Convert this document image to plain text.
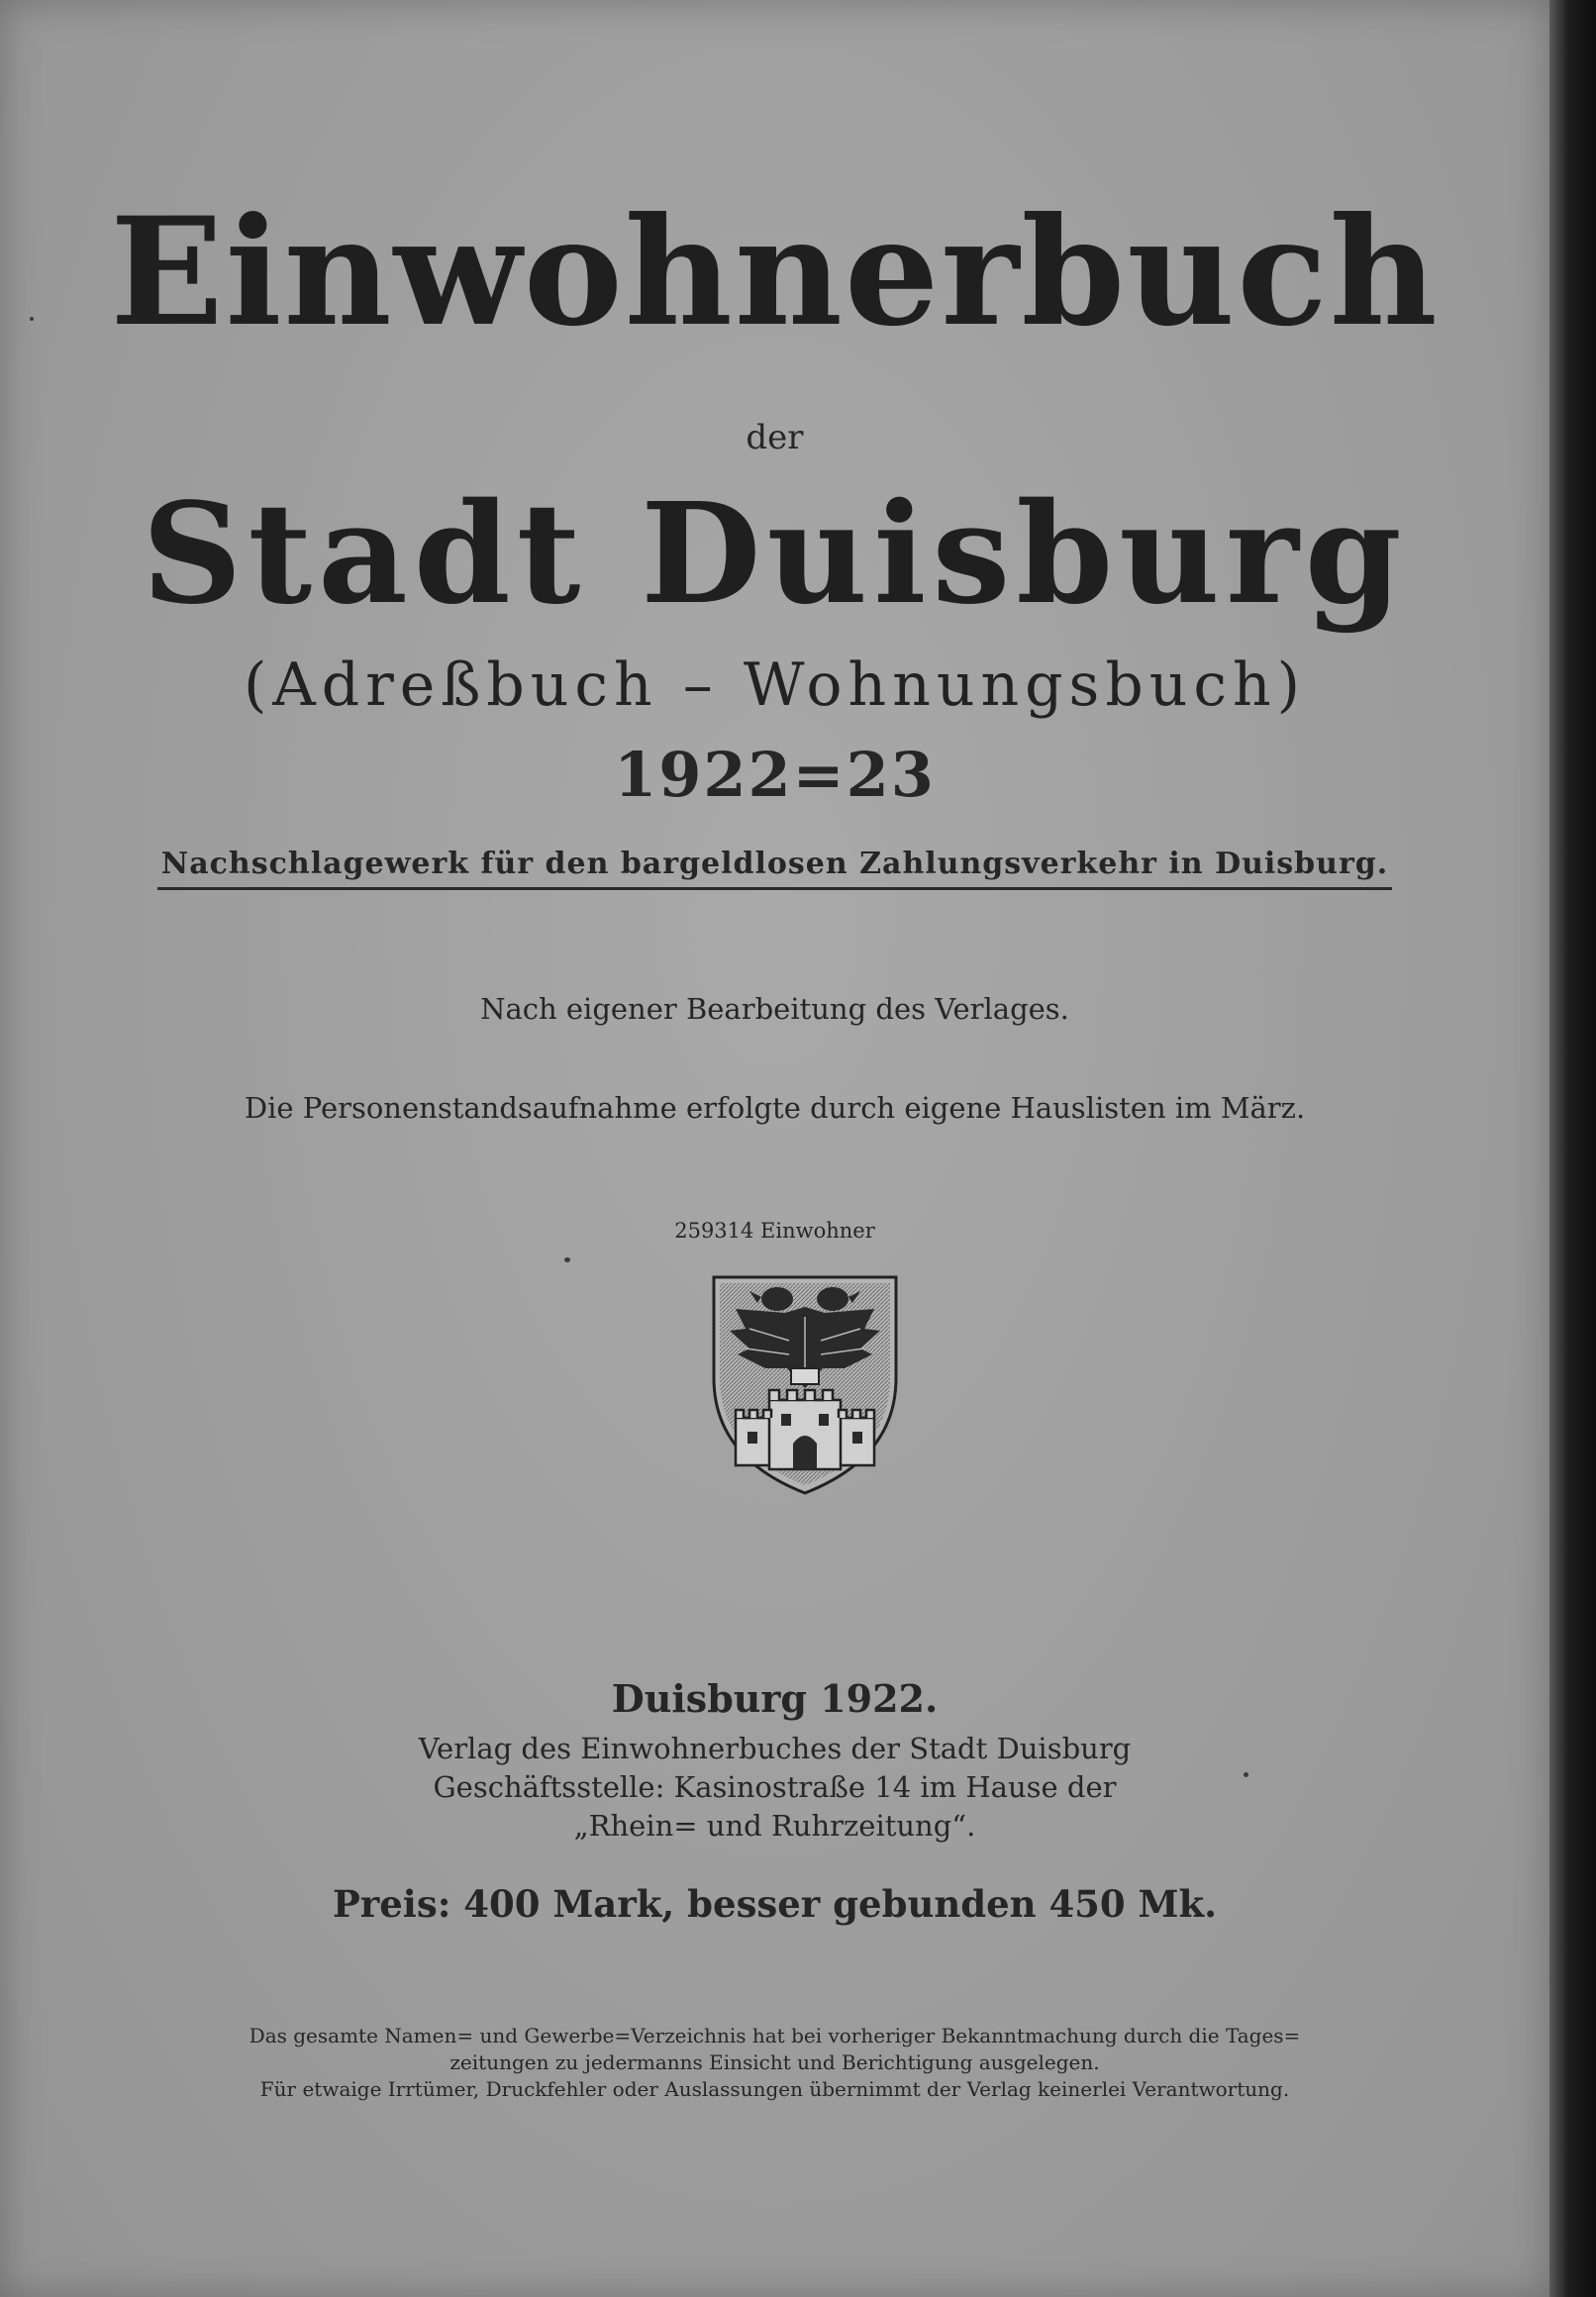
Einwohnerbuch
der
Stadt Duisburg
(Adreßbuch – Wohnungsbuch)
1922=23
Nachschlagewerk für den bargeldlosen Zahlungsverkehr in Duisburg.
Nach eigener Bearbeitung des Verlages.
Die Personenstandsaufnahme erfolgte durch eigene Hauslisten im März.
259314 Einwohner
Duisburg 1922.
Verlag des Einwohnerbuches der Stadt Duisburg
Geschäftsstelle: Kasinostraße 14 im Hause der
„Rhein= und Ruhrzeitung“.
Preis: 400 Mark, besser gebunden 450 Mk.
Das gesamte Namen= und Gewerbe=Verzeichnis hat bei vorheriger Bekanntmachung durch die Tages=
zeitungen zu jedermanns Einsicht und Berichtigung ausgelegen.
Für etwaige Irrtümer, Druckfehler oder Auslassungen übernimmt der Verlag keinerlei Verantwortung.
